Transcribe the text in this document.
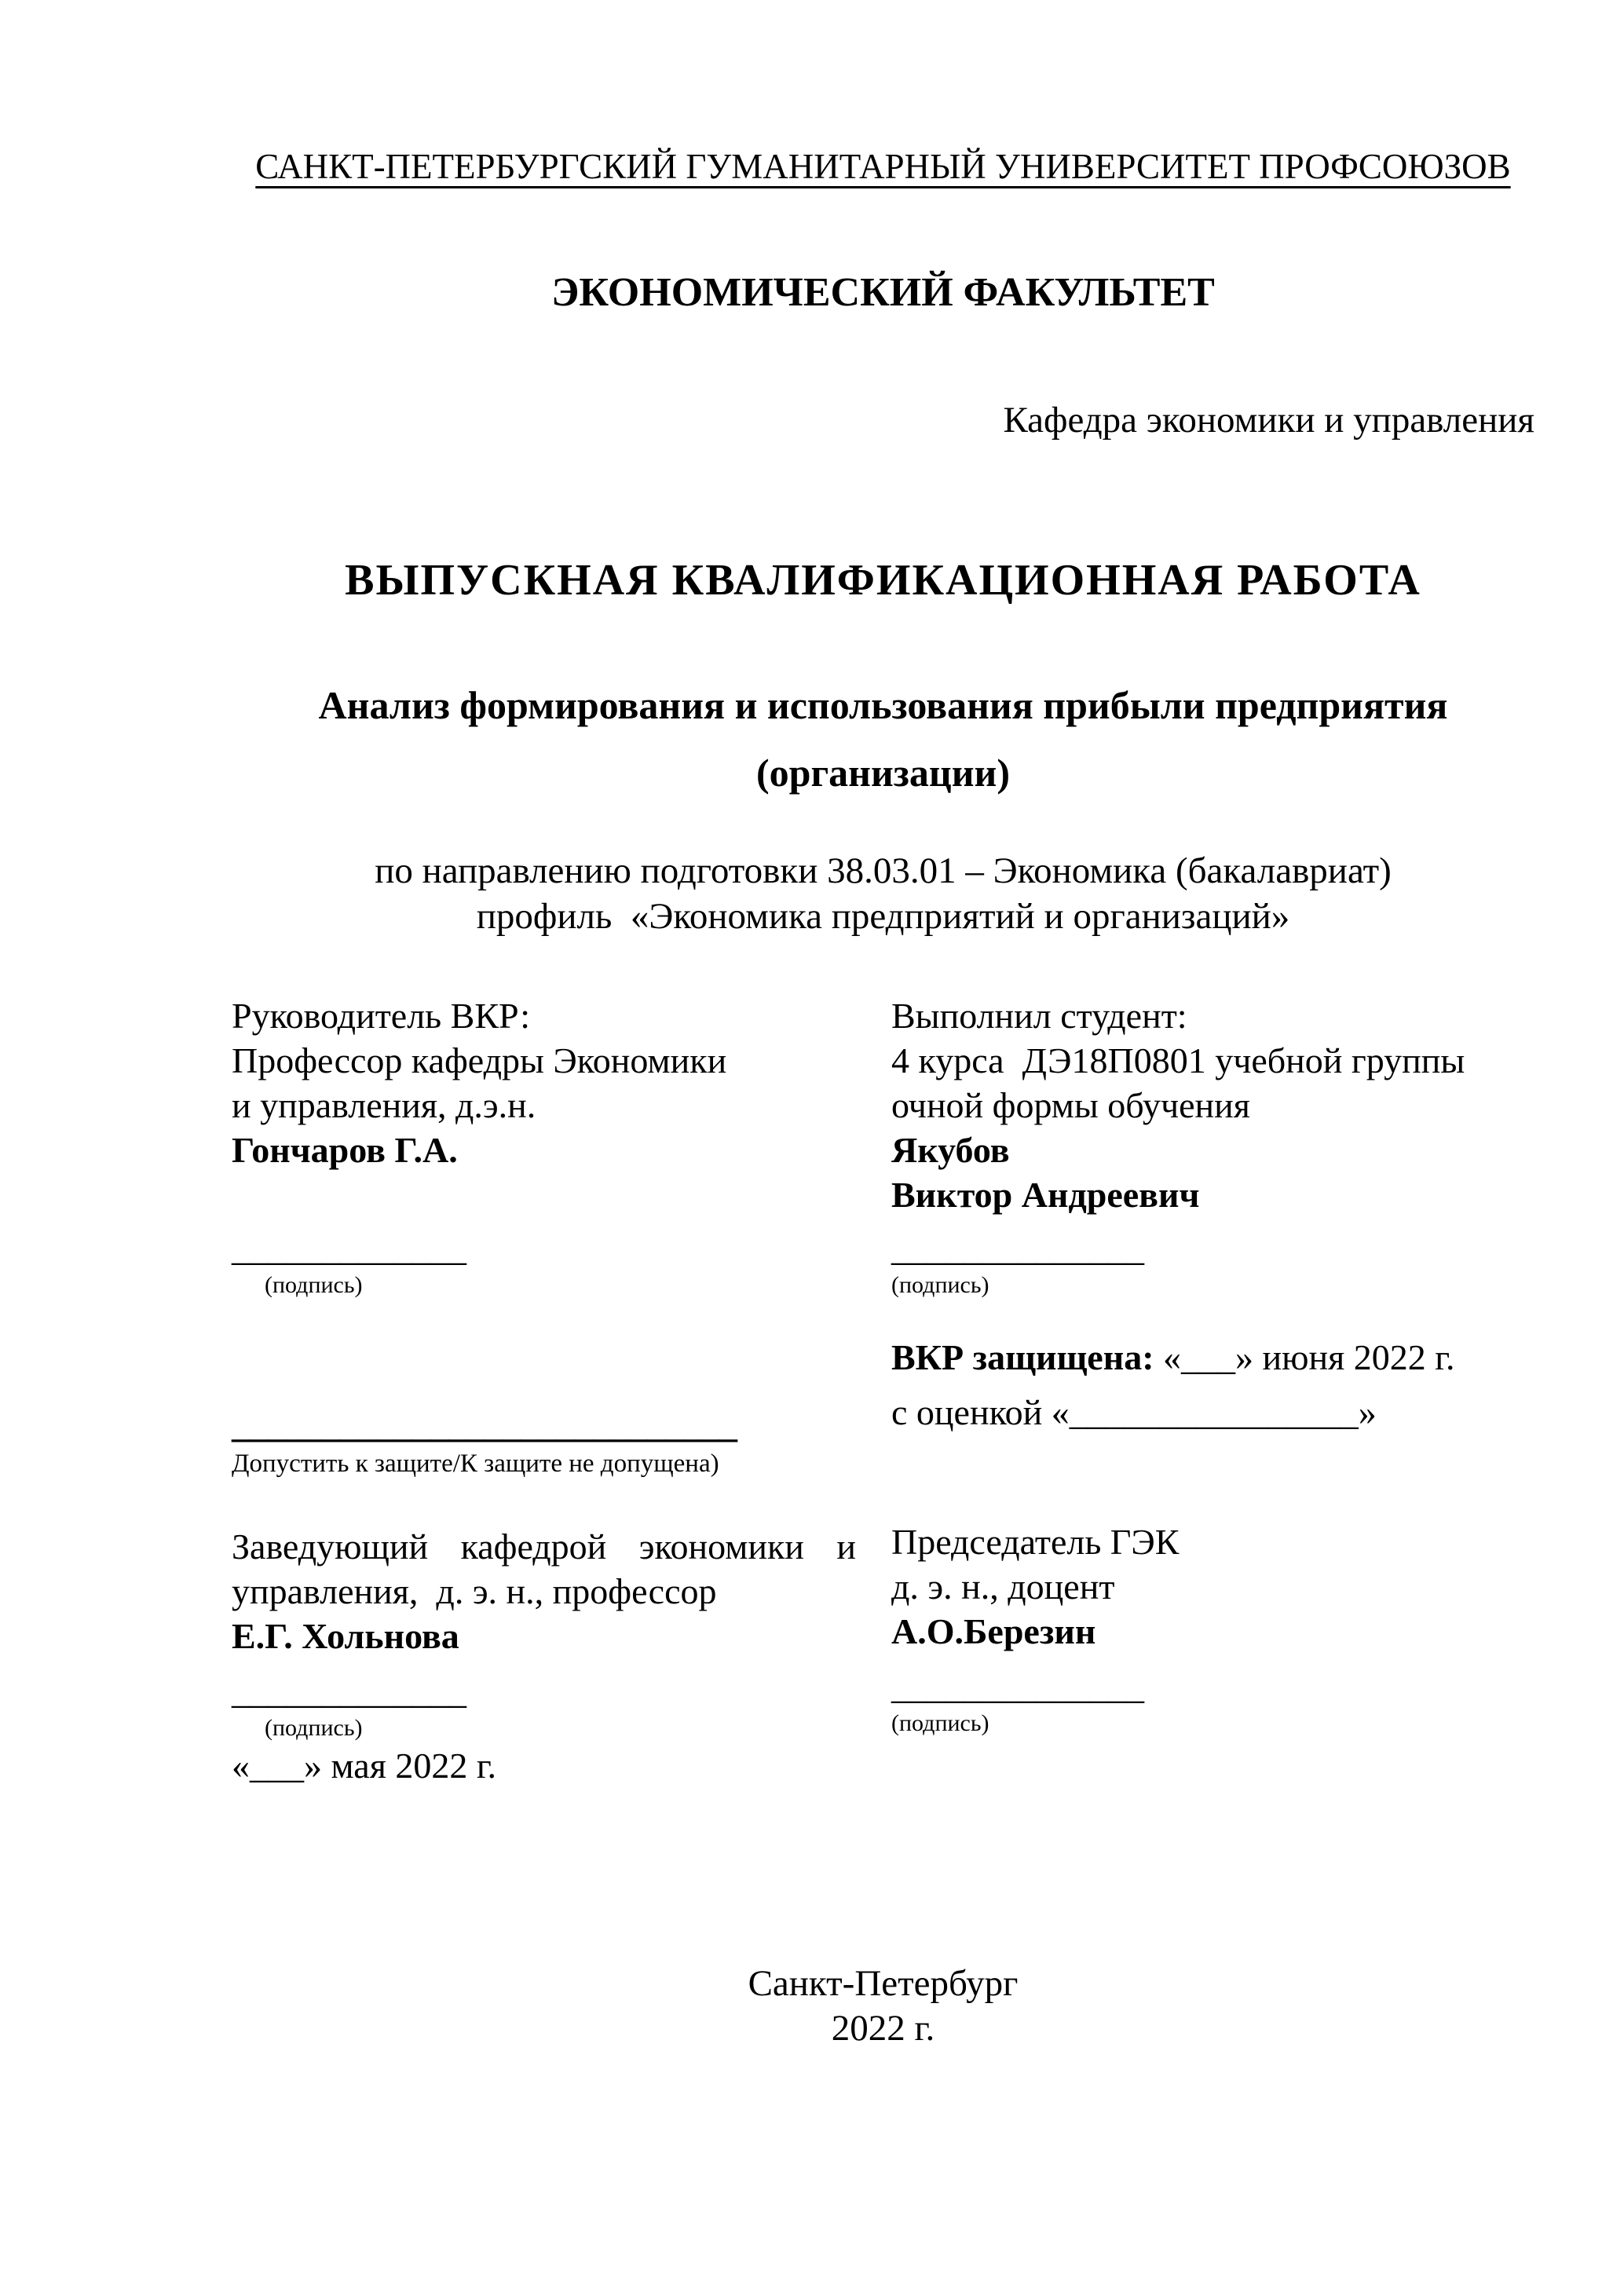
САНКТ-ПЕТЕРБУРГСКИЙ ГУМАНИТАРНЫЙ УНИВЕРСИТЕТ ПРОФСОЮЗОВ
ЭКОНОМИЧЕСКИЙ ФАКУЛЬТЕТ
Кафедра экономики и управления
ВЫПУСКНАЯ КВАЛИФИКАЦИОННАЯ РАБОТА
Анализ формирования и использования прибыли предприятия
(организации)
по направлению подготовки 38.03.01 – Экономика (бакалавриат)
профиль  «Экономика предприятий и организаций»
Руководитель ВКР:
Профессор кафедры Экономики
и управления, д.э.н.
Гончаров Г.А.
_____________
(подпись)
____________________________
Допустить к защите/К защите не допущена)
Заведующий кафедрой экономики и
управления,  д. э. н., профессор
Е.Г. Хольнова
_____________
(подпись)
«___» мая 2022 г.
Выполнил студент:
4 курса  ДЭ18П0801 учебной группы
очной формы обучения
Якубов
Виктор Андреевич
______________
(подпись)
ВКР защищена: «___» июня 2022 г.
с оценкой «________________»
Председатель ГЭК
д. э. н., доцент
А.О.Березин
______________
(подпись)
Санкт-Петербург
2022 г.
